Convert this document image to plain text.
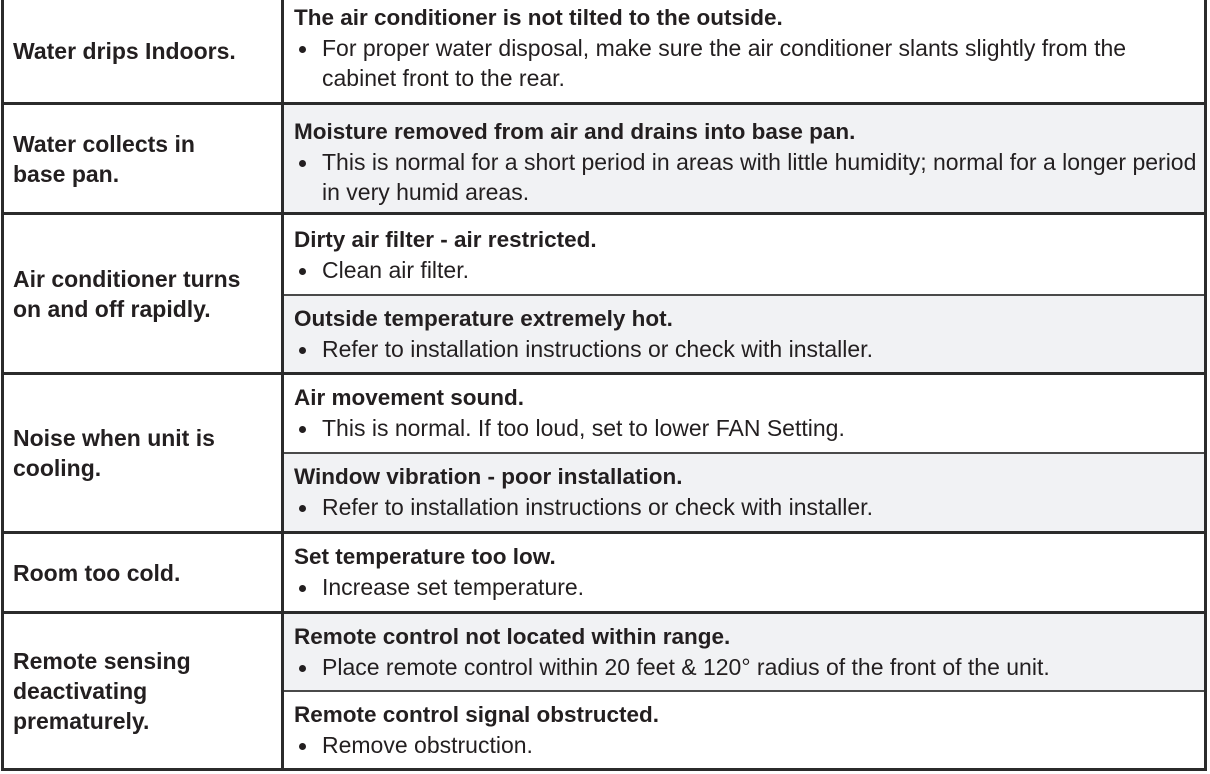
Water drips Indoors.
The air conditioner is not tilted to the outside.
For proper water disposal, make sure the air conditioner slants slightly from the cabinet front to the rear.
Water collects in base pan.
Moisture removed from air and drains into base pan.
This is normal for a short period in areas with little humidity; normal for a longer period in very humid areas.
Air conditioner turns on and off rapidly.
Dirty air filter - air restricted.
Clean air filter.
Outside temperature extremely hot.
Refer to installation instructions or check with installer.
Noise when unit is cooling.
Air movement sound.
This is normal. If too loud, set to lower FAN Setting.
Window vibration - poor installation.
Refer to installation instructions or check with installer.
Room too cold.
Set temperature too low.
Increase set temperature.
Remote sensing deactivating prematurely.
Remote control not located within range.
Place remote control within 20 feet & 120° radius of the front of the unit.
Remote control signal obstructed.
Remove obstruction.
